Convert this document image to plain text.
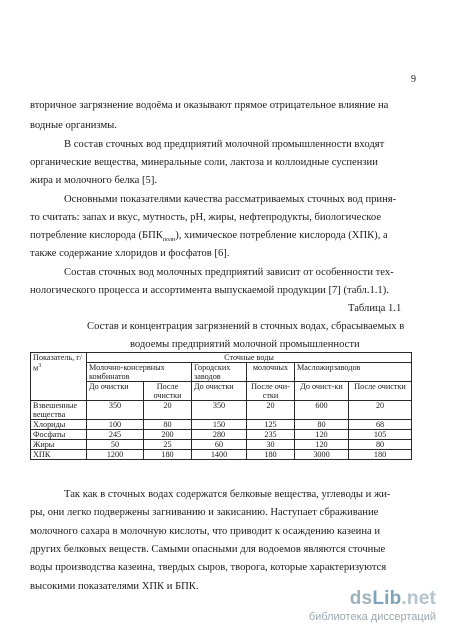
9
вторичное загрязнение водоёма и оказывают прямое отрицательное влияние на
водные организмы.
В состав сточных вод предприятий молочной промышленности входят
органические вещества, минеральные соли, лактоза и коллоидные суспензии
жира и молочного белка [5].
Основными показателями качества рассматриваемых сточных вод приня-
то считать: запах и вкус, мутность, pH, жиры, нефтепродукты, биологическое
потребление кислорода $(БПК_{полн})$, химическое потребление кислорода (ХПК), а
также содержание хлоридов и фосфатов [6].
Состав сточных вод молочных предприятий зависит от особенности тех-
нологического процесса и ассортимента выпускаемой продукции [7] (табл.1.1).
Таблица 1.1
Состав и концентрация загрязнений в сточных водах, сбрасываемых в
водоемы предприятий молочной промышленности
Показатель, $г/м^3$	Сточные воды					
	Молочно-консервных комбинатов		Городских заводов	молочных	Масложирзаводов	
	До очистки	После очистки	До очистки	После очи-стки	До очист-ки	После очистки
Взвешенные вещества	350	20	350	20	600	20
Хлориды	100	80	150	125	80	68
Фосфаты	245	200	280	235	120	105
Жиры	50	25	60	30	120	80
ХПК	1200	180	1400	180	3000	180
Так как в сточных водах содержатся белковые вещества, углеводы и жи-
ры, они легко подвержены загниванию и закисанию. Наступает сбраживание
молочного сахара в молочную кислоты, что приводит к осаждению казеина и
других белковых веществ. Самыми опасными для водоемов являются сточные
воды производства казеина, твердых сыров, творога, которые характеризуются
высокими показателями ХПК и БПК.
dsLib.net
библиотека диссертаций
